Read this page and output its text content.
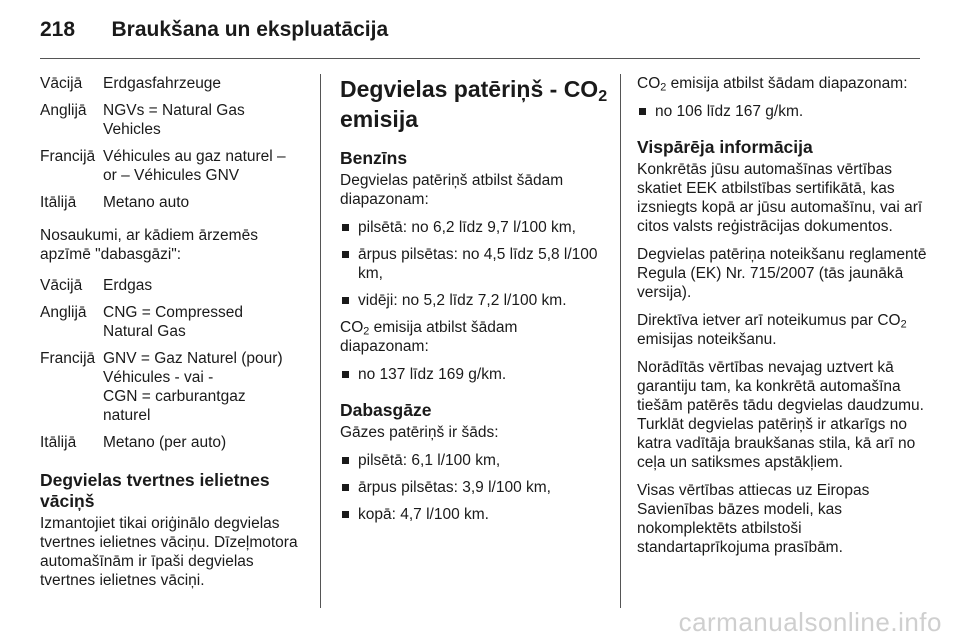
218 Braukšana un ekspluatācija
Vācijā	Erdgasfahrzeuge
Anglijā	NGVs = Natural Gas
Vehicles
Francijā Véhicules au gaz naturel –
or – Véhicules GNV
Itālijā	Metano auto

Nosaukumi, ar kādiem ārzemēs apzīmē "dabasgāzi":

Vācijā	Erdgas
Anglijā	CNG = Compressed
Natural Gas
Francijā GNV = Gaz Naturel (pour)
Véhicules - vai -
CGN = carburantgaz
naturel
Itālijā	Metano (per auto)
Degvielas tvertnes ielietnes vāciņš

Izmantojiet tikai oriģinālo degvielas tvertnes ielietnes vāciņu. Dīzeļmotora automašīnām ir īpaši degvielas tvertnes ielietnes vāciņi.

Degvielas patēriņš - $CO_2$
emisija
Benzīns

Degvielas patēriņš atbilst šādam diapazonam:

pilsētā: no 6,2 līdz 9,7 l/100 km,
ārpus pilsētas: no 4,5 līdz 5,8 l/100 km,
vidēji: no 5,2 līdz 7,2 l/100 km.

$CO_2$ emisija atbilst šādam diapazonam:

no 137 līdz 169 g/km.
Dabasgāze

Gāzes patēriņš ir šāds:

pilsētā: 6,1 l/100 km,
ārpus pilsētas: 3,9 l/100 km,
kopā: 4,7 l/100 km.

$CO_2$ emisija atbilst šādam diapazonam:

no 106 līdz 167 g/km.
Vispārēja informācija

Konkrētās jūsu automašīnas vērtības skatiet EEK atbilstības sertifikātā, kas izsniegts kopā ar jūsu automašīnu, vai arī citos valsts reģistrācijas dokumentos.

Degvielas patēriņa noteikšanu reglamentē Regula (EK) Nr. 715/2007 (tās jaunākā versija).

Direktīva ietver arī noteikumus par $CO_2$ emisijas noteikšanu.

Norādītās vērtības nevajag uztvert kā garantiju tam, ka konkrētā automašīna tiešām patērēs tādu degvielas daudzumu. Turklāt degvielas patēriņš ir atkarīgs no katra vadītāja braukšanas stila, kā arī no ceļa un satiksmes apstākļiem.

Visas vērtības attiecas uz Eiropas Savienības bāzes modeli, kas nokomplektēts atbilstoši standartaprīkojuma prasībām.

carmanualsonline.info
